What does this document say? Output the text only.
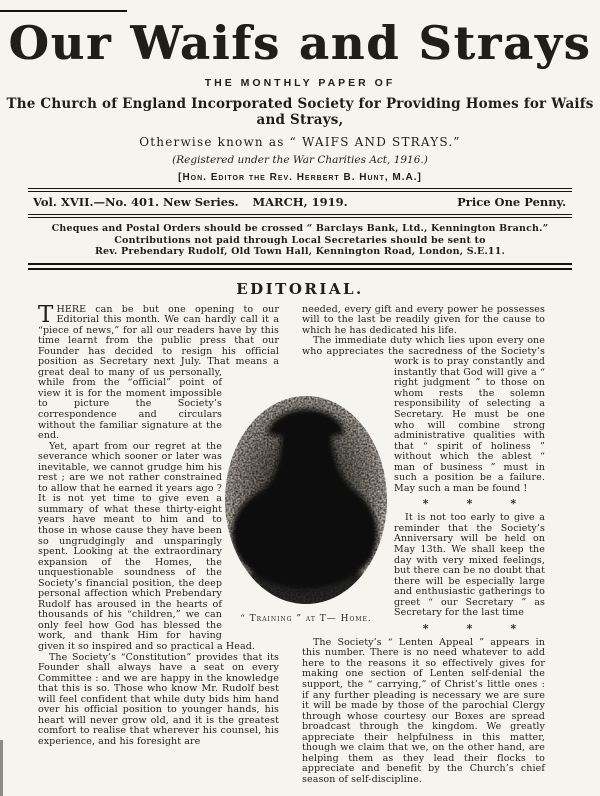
Our Waifs and Strays
THE MONTHLY PAPER OF
The Church of England Incorporated Society for Providing Homes for Waifs and Strays,
Otherwise known as “ WAIFS AND STRAYS.”
(Registered under the War Charities Act, 1916.)
[Hon. Editor the Rev. Herbert B. Hunt, M.A.]
Vol. XVII.—No. 401. New Series.	MARCH, 1919.	Price One Penny.
Cheques and Postal Orders should be crossed “ Barclays Bank, Ltd., Kennington Branch.”
Contributions not paid through Local Secretaries should be sent to
Rev. Prebendary Rudolf, Old Town Hall, Kennington Road, London, S.E.11.
EDITORIAL.

THERE can be but one opening to our Editorial this month. We can hardly call it a “piece of news,” for all our readers have by this time learnt from the public press that our Founder has decided to resign his official position as Secretary next July. That means a great deal to many of us personally, while from the “official” point of view it is for the moment impossible to picture the Society’s correspondence and circulars without the familiar signature at the end.

Yet, apart from our regret at the severance which sooner or later was inevitable, we cannot grudge him his rest ; are we not rather constrained to allow that he earned it years ago ? It is not yet time to give even a summary of what these thirty-eight years have meant to him and to those in whose cause they have been so ungrudgingly and unsparingly spent. Looking at the extraordinary expansion of the Homes, the unquestionable soundness of the Society’s financial position, the deep personal affection which Prebendary Rudolf has aroused in the hearts of thousands of his “children,” we can only feel how God has blessed the work, and thank Him for having given it so inspired and so practical a Head.

The Society’s “Constitution” provides that its Founder shall always have a seat on every Committee : and we are happy in the knowledge that this is so. Those who know Mr. Rudolf best will feel confident that while duty bids him hand over his official position to younger hands, his heart will never grow old, and it is the greatest comfort to realise that wherever his counsel, his experience, and his foresight are

needed, every gift and every power he possesses will to the last be readily given for the cause to which he has dedicated his life.

The immediate duty which lies upon every one who appreciates the sacredness of the Society’s work is to pray constantly and instantly that God will give a “ right judgment ” to those on whom rests the solemn responsibility of selecting a Secretary. He must be one who will combine strong administrative qualities with that “ spirit of holiness ” without which the ablest “ man of business ” must in such a position be a failure. May such a man be found !

* * *

It is not too early to give a reminder that the Society’s Anniversary will be held on May 13th. We shall keep the day with very mixed feelings, but there can be no doubt that there will be especially large and enthusiastic gatherings to greet “ our Secretary ” as Secretary for the last time

* * *

The Society’s “ Lenten Appeal ” appears in this number. There is no need whatever to add here to the reasons it so effectively gives for making one section of Lenten self-denial the support, the “ carrying,” of Christ’s little ones : if any further pleading is necessary we are sure it will be made by those of the parochial Clergy through whose courtesy our Boxes are spread broadcast through the kingdom. We greatly appreciate their helpfulness in this matter, though we claim that we, on the other hand, are helping them as they lead their flocks to appreciate and benefit by the Church’s chief season of self-discipline.

“ Training ” at T— Home.
